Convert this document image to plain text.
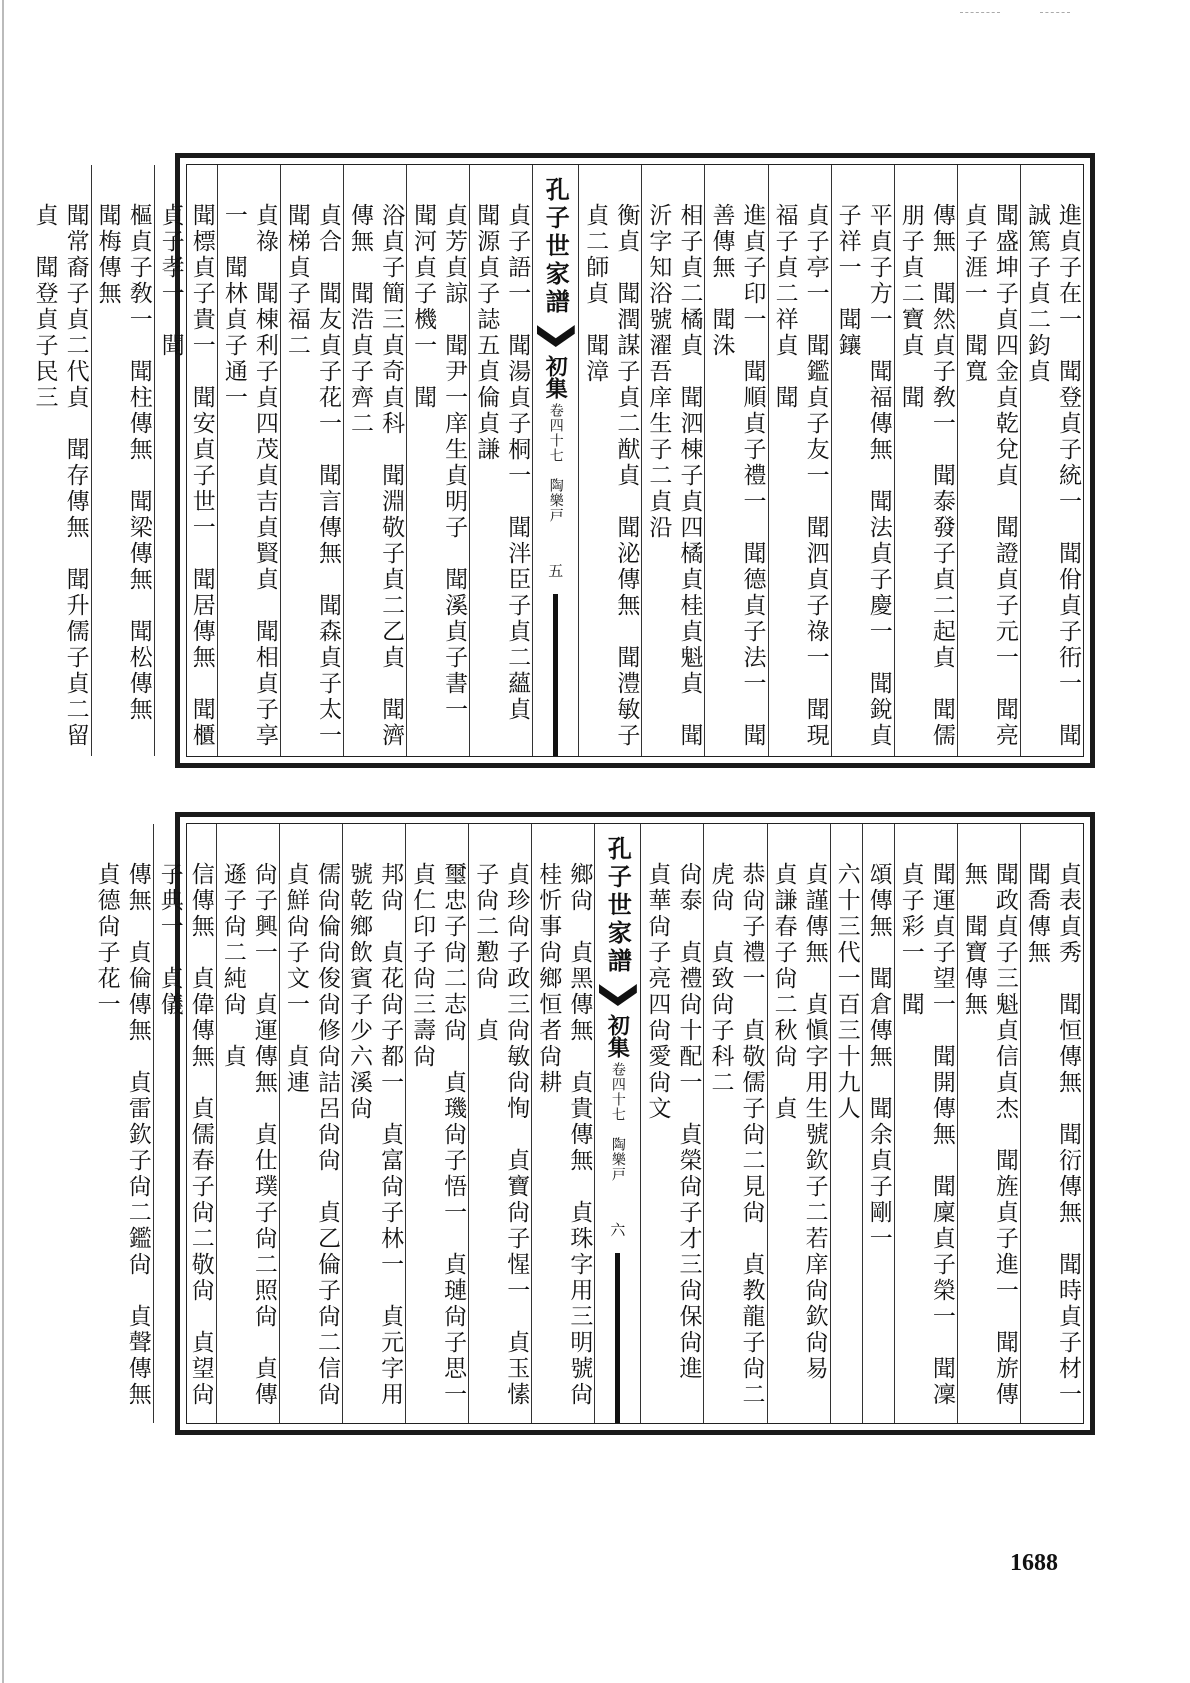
進貞子在一　聞登貞子統一　聞佾貞子衎一　聞誠篤子貞二鈞貞
聞盛坤子貞四金貞乾兌貞　聞證貞子元一　聞亮貞子涯一　聞寬
傳無　聞然貞子敎一　聞泰發子貞二起貞　聞儒朋子貞二寶貞　聞
平貞子方一　聞福傳無　聞法貞子慶一　聞銳貞子祥一　聞鑲
貞子亭一　聞鑑貞子友一　聞泗貞子祿一　聞現福子貞二祥貞　聞
進貞子印一　聞順貞子禮一　聞德貞子法一　聞善傳無　聞洙
相子貞二橘貞　聞泗棟子貞四橘貞桂貞魁貞　聞沂字知浴號濯吾庠生子二貞沿
衡貞　聞潤謀子貞二猷貞　聞泌傳無　聞澧敏子貞二師貞　聞漳
孔子世家譜
初集
卷四十七　陶樂戸
五
貞子語一　聞湯貞子桐一　聞泮臣子貞二蘊貞　聞源貞子誌五貞倫貞謙
貞芳貞諒　聞尹一庠生貞明子　聞溪貞子書一　聞河貞子機一　聞
浴貞子簡三貞奇貞科　聞淵敬子貞二乙貞　聞濟傳無　聞浩貞子齊二
貞合　聞友貞子花一　聞言傳無　聞森貞子太一　聞梯貞子福二
貞祿　聞棟利子貞四茂貞吉貞賢貞　聞相貞子享一　聞林貞子通一
聞標貞子貴一　聞安貞子世一　聞居傳無　聞櫃貞子孝一　聞
樞貞子敎一　聞柱傳無　聞梁傳無　聞松傳無　聞梅傳無
聞常裔子貞二代貞　聞存傳無　聞升儒子貞二留貞　聞登貞子民三
貞表貞秀　聞恒傳無　聞衍傳無　聞時貞子材一　聞喬傳無
聞政貞子三魁貞信貞杰　聞旌貞子進一　聞旂傳無　聞寶傳無
聞運貞子望一　聞開傳無　聞廩貞子榮一　聞凜貞子彩一　聞
頌傳無　聞倉傳無　聞余貞子剛一
六十三代一百三十九人
貞謹傳無　貞愼字用生號欽子二若庠尙欽尙易　貞謙春子尙二秋尙　貞
恭尙子禮一　貞敬儒子尙二見尙　貞教龍子尙二虎尙　貞致尙子科二
尙泰　貞禮尙十配一　貞榮尙子才三尙保尙進　貞華尙子亮四尙愛尙文
孔子世家譜
初集
卷四十七　陶樂戸
六
鄉尙　貞黑傳無　貞貴傳無　貞珠字用三明號尙桂忻事尙鄉恒者尙耕
貞珍尙子政三尙敏尙恂　貞寶尙子惺一　貞玉愫子尙二懃尙　貞
璽忠子尙二志尙　貞璣尙子悟一　貞璉尙子思一　貞仁印子尙三壽尙
邦尙　貞花尙子都一　貞富尙子林一　貞元字用號乾鄉飲賓子少六溪尙
儒尙倫尙俊尙修尙詰呂尙尙　貞乙倫子尙二信尙　貞鮮尙子文一　貞連
尙子興一　貞運傳無　貞仕璞子尙二照尙　貞傳遜子尙二純尙　貞
信傳無　貞偉傳無　貞儒春子尙二敬尙　貞望尙子典一　貞儀
傳無　貞倫傳無　貞雷欽子尙二鑑尙　貞聲傳無　貞德尙子花一
1688
